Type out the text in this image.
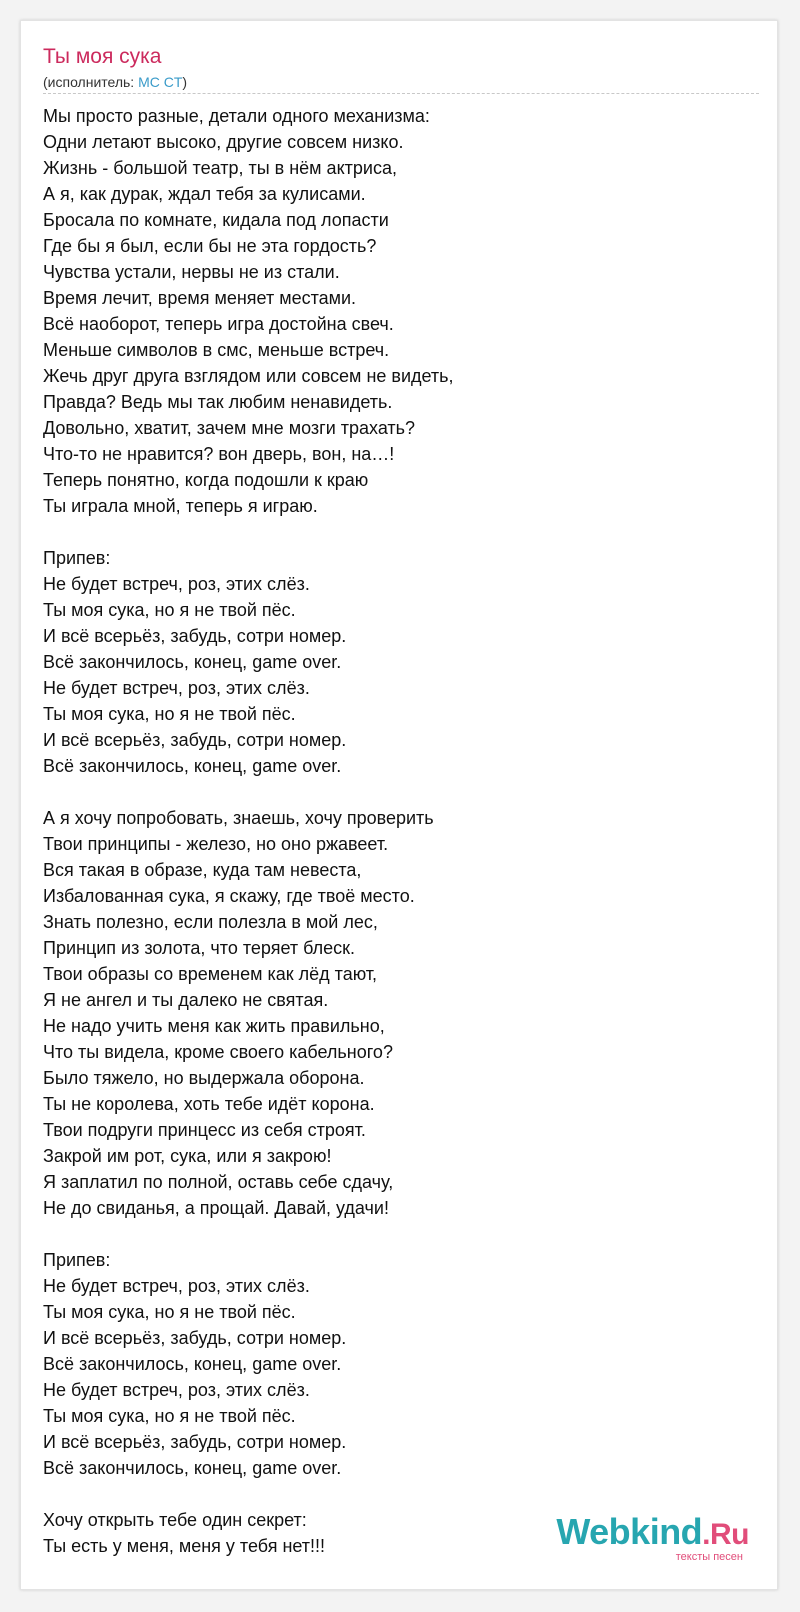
Ты моя сука
(исполнитель: MC CT)
Мы просто разные, детали одного механизма:
Одни летают высоко, другие совсем низко.
Жизнь - большой театр, ты в нём актриса,
А я, как дурак, ждал тебя за кулисами.
Бросала по комнате, кидала под лопасти
Где бы я был, если бы не эта гордость?
Чувства устали, нервы не из стали.
Время лечит, время меняет местами.
Всё наоборот, теперь игра достойна свеч.
Меньше символов в смс, меньше встреч.
Жечь друг друга взглядом или совсем не видеть,
Правда? Ведь мы так любим ненавидеть.
Довольно, хватит, зачем мне мозги трахать?
Что-то не нравится? вон дверь, вон, на…!
Теперь понятно, когда подошли к краю
Ты играла мной, теперь я играю.
Припев:
Не будет встреч, роз, этих слёз.
Ты моя сука, но я не твой пёс.
И всё всерьёз, забудь, сотри номер.
Всё закончилось, конец, game over.
Не будет встреч, роз, этих слёз.
Ты моя сука, но я не твой пёс.
И всё всерьёз, забудь, сотри номер.
Всё закончилось, конец, game over.
А я хочу попробовать, знаешь, хочу проверить
Твои принципы - железо, но оно ржавеет.
Вся такая в образе, куда там невеста,
Избалованная сука, я скажу, где твоё место.
Знать полезно, если полезла в мой лес,
Принцип из золота, что теряет блеск.
Твои образы со временем как лёд тают,
Я не ангел и ты далеко не святая.
Не надо учить меня как жить правильно,
Что ты видела, кроме своего кабельного?
Было тяжело, но выдержала оборона.
Ты не королева, хоть тебе идёт корона.
Твои подруги принцесс из себя строят.
Закрой им рот, сука, или я закрою!
Я заплатил по полной, оставь себе сдачу,
Не до свиданья, а прощай. Давай, удачи!
Припев:
Не будет встреч, роз, этих слёз.
Ты моя сука, но я не твой пёс.
И всё всерьёз, забудь, сотри номер.
Всё закончилось, конец, game over.
Не будет встреч, роз, этих слёз.
Ты моя сука, но я не твой пёс.
И всё всерьёз, забудь, сотри номер.
Всё закончилось, конец, game over.
Хочу открыть тебе один секрет:
Ты есть у меня, меня у тебя нет!!!	Webkind.Ru
тексты песен
